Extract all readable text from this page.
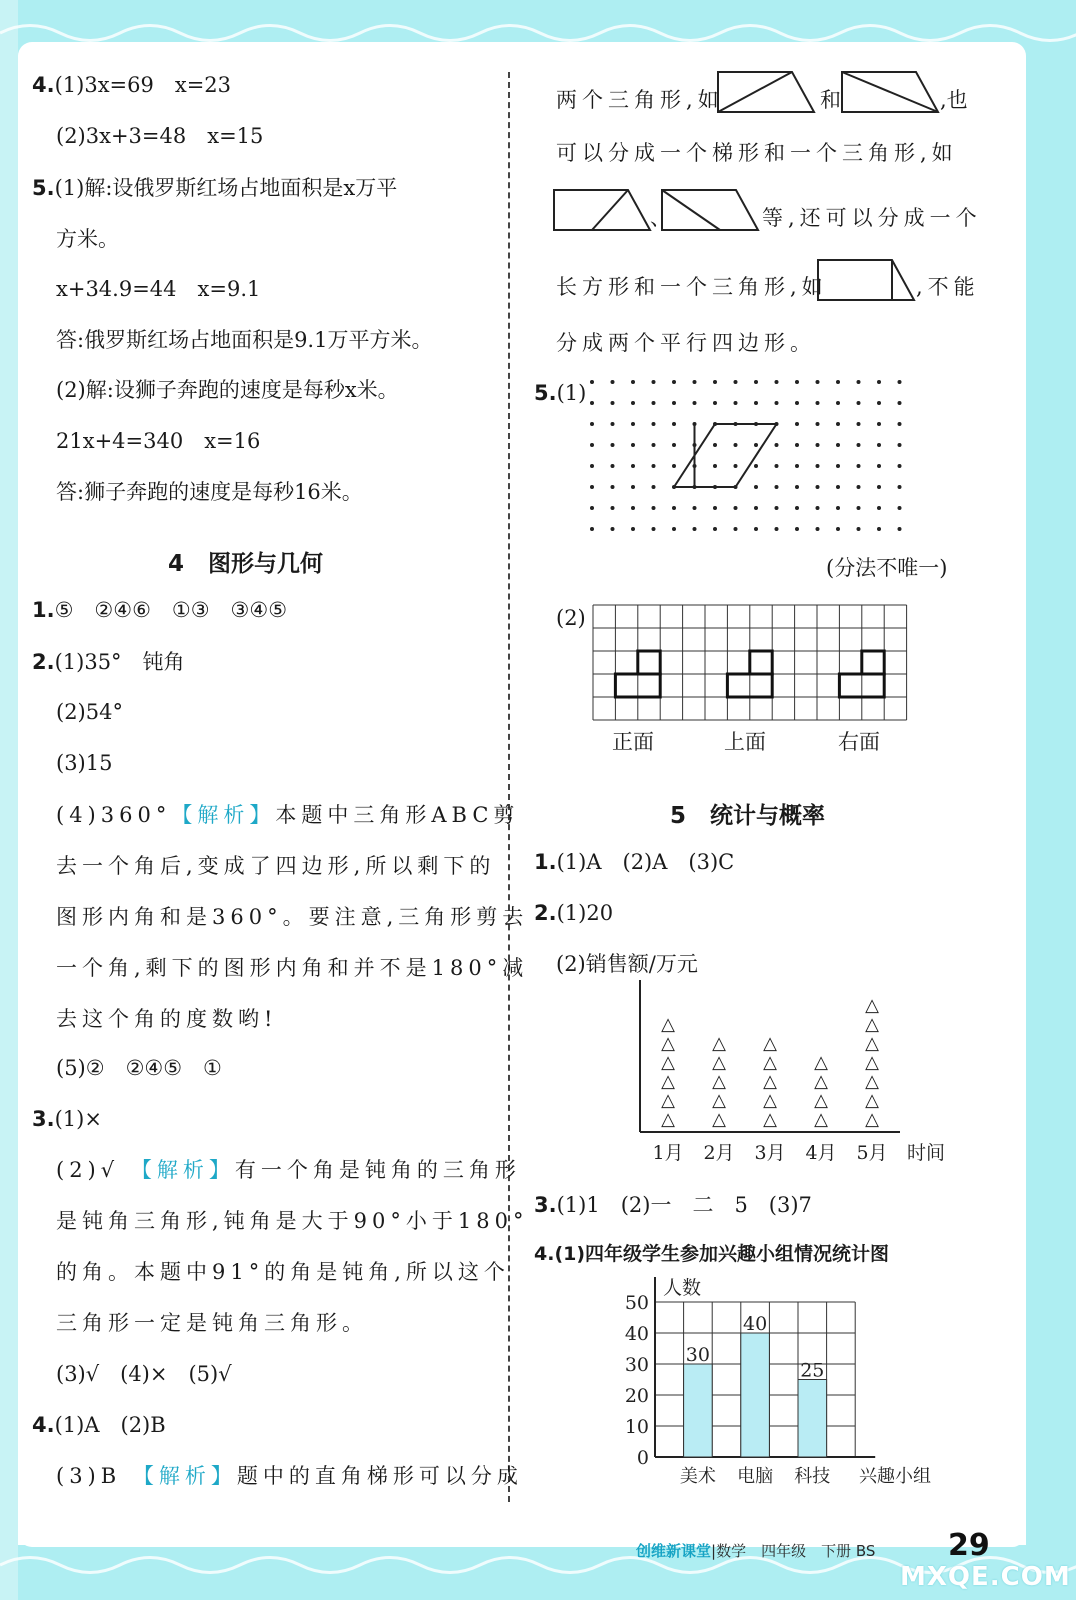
4.(1)3x=69　x=23
(2)3x+3=48　x=15
5.(1)解:设俄罗斯红场占地面积是x万平
方米。
x+34.9=44　x=9.1
答:俄罗斯红场占地面积是9.1万平方米。
(2)解:设狮子奔跑的速度是每秒x米。
21x+4=340　x=16
答:狮子奔跑的速度是每秒16米。
4 图形与几何
1.⑤　②④⑥　①③　③④⑤
2.(1)35°　钝角
(2)54°
(3)15
(4)360°【解析】本题中三角形ABC剪
去一个角后,变成了四边形,所以剩下的
图形内角和是360°。要注意,三角形剪去
一个角,剩下的图形内角和并不是180°减
去这个角的度数哟!
(5)②　②④⑤　①
3.(1)×
(2)√ 【解析】有一个角是钝角的三角形
是钝角三角形,钝角是大于90°小于180°
的角。本题中91°的角是钝角,所以这个
三角形一定是钝角三角形。
(3)√　(4)×　(5)√
4.(1)A　(2)B
(3)B 【解析】题中的直角梯形可以分成
两个三角形,如	和	,也
可以分成一个梯形和一个三角形,如
、	等,还可以分成一个
长方形和一个三角形,如	,不能
分成两个平行四边形。
5.(1)
(分法不唯一)
(2)
正面	上面	右面
5 统计与概率
1.(1)A　(2)A　(3)C
2.(1)20
(2)销售额/万元
△
△
△
△
△
△
1月
△
△
△
△
△
2月
△
△
△
△
△
3月
△
△
△
△
4月
△
△
△
△
△
△
△
5月 时间
3.(1)1　(2)一　二　5　(3)7
4.(1)四年级学生参加兴趣小组情况统计图
0
10
20
30
40
50
人数
30
美术
40
电脑
25
科技 兴趣小组
创维新课堂|数学　四年级　下册 BS 29
MXQE.COM
